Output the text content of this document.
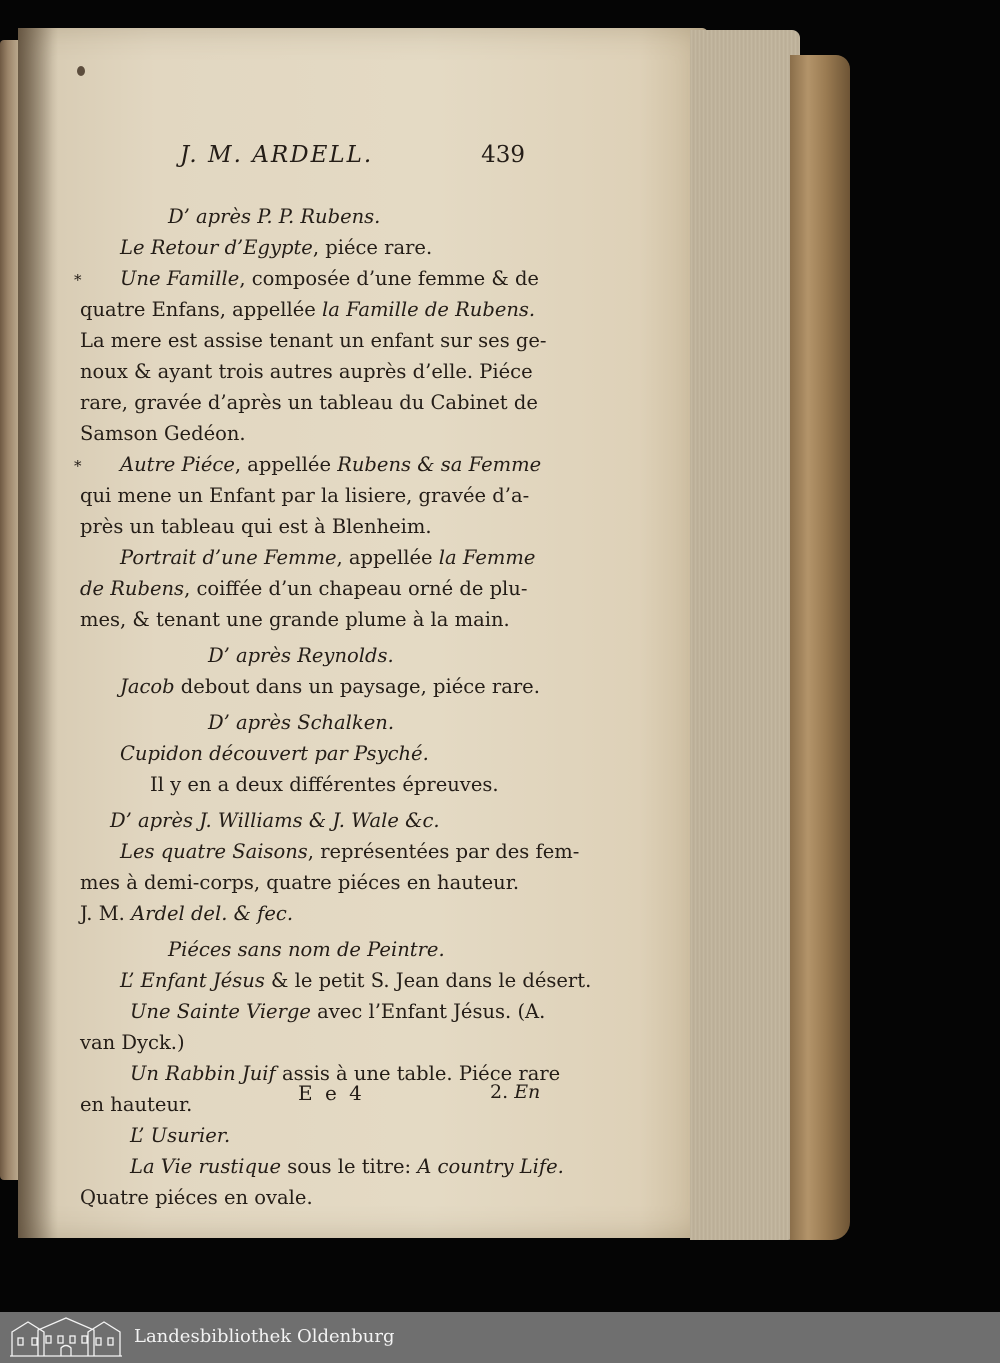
J. M. ARDELL.	439
D’ après P. P. Rubens.
Le Retour d’Egypte, piéce rare.
Une Famille, composée d’une femme & de
*
quatre Enfans, appellée la Famille de Rubens.
La mere est assise tenant un enfant sur ses ge-
noux & ayant trois autres auprès d’elle. Piéce
rare, gravée d’après un tableau du Cabinet de
Samson Gedéon.
Autre Piéce, appellée Rubens & sa Femme
*
qui mene un Enfant par la lisiere, gravée d’a-
près un tableau qui est à Blenheim.
Portrait d’une Femme, appellée la Femme
de Rubens, coiffée d’un chapeau orné de plu-
mes, & tenant une grande plume à la main.
D’ après Reynolds.
Jacob debout dans un paysage, piéce rare.
D’ après Schalken.
Cupidon découvert par Psyché.
Il y en a deux différentes épreuves.
D’ après J. Williams & J. Wale &c.
Les quatre Saisons, représentées par des fem-
mes à demi-corps, quatre piéces en hauteur.
J. M. Ardel del. & fec.
Piéces sans nom de Peintre.
L’ Enfant Jésus & le petit S. Jean dans le désert.
Une Sainte Vierge avec l’Enfant Jésus. (A.
van Dyck.)
Un Rabbin Juif assis à une table. Piéce rare
en hauteur.
L’ Usurier.
La Vie rustique sous le titre: A country Life.
Quatre piéces en ovale.
E e 4	2. En
Landesbibliothek Oldenburg
